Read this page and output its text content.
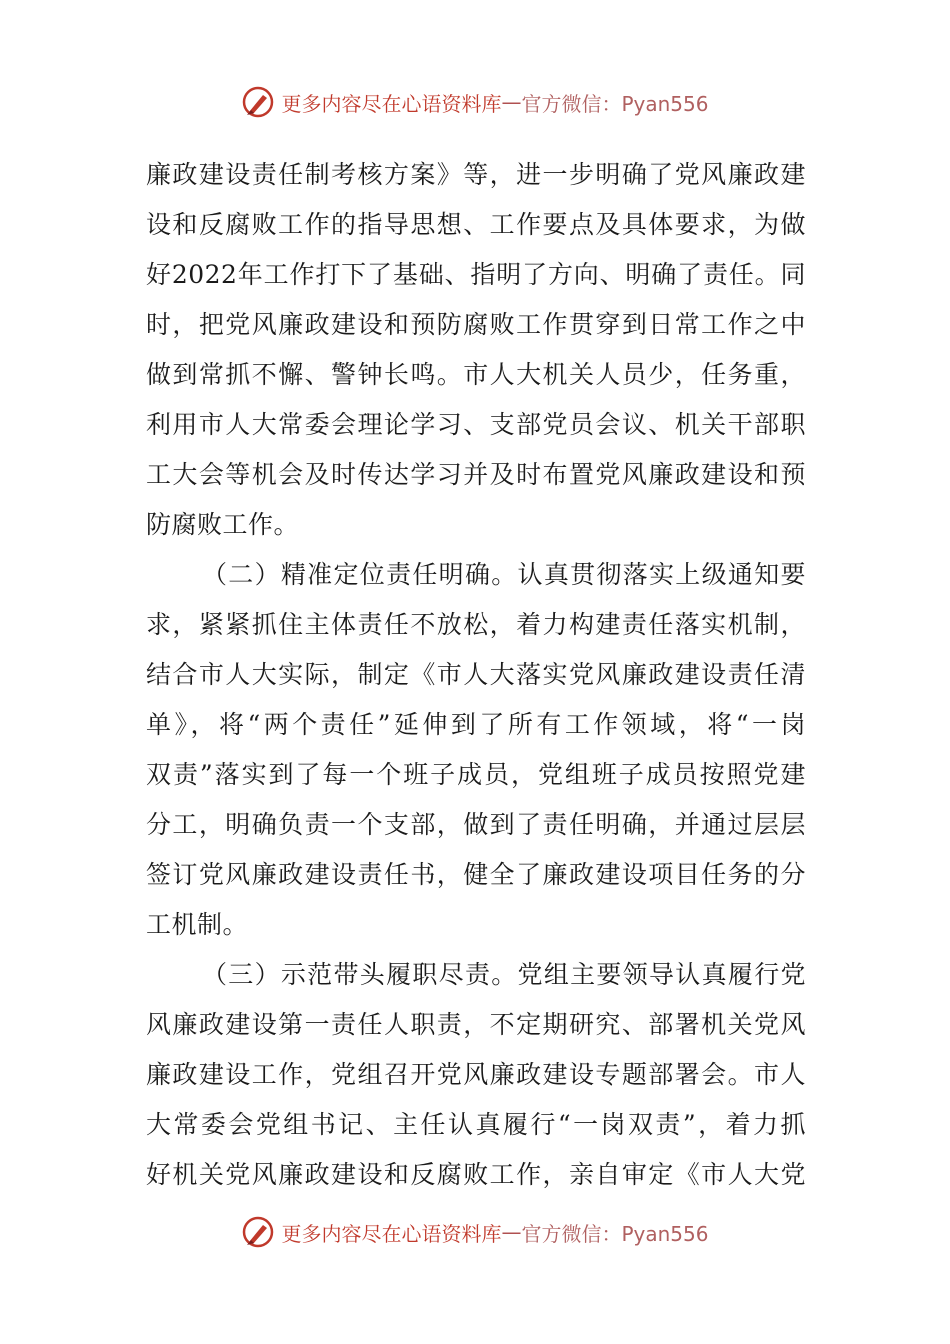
更多内容尽在心语资料库 — 官方微信：Pyan556
廉政建设责任制考核方案》等，进一步明确了党风廉政建
设和反腐败工作的指导思想、工作要点及具体要求，为做
好2022年工作打下了基础、指明了方向、明确了责任。同
时，把党风廉政建设和预防腐败工作贯穿到日常工作之中
做到常抓不懈、警钟长鸣。市人大机关人员少，任务重，
利用市人大常委会理论学习、支部党员会议、机关干部职
工大会等机会及时传达学习并及时布置党风廉政建设和预
防腐败工作。
（二）精准定位责任明确。认真贯彻落实上级通知要
求，紧紧抓住主体责任不放松，着力构建责任落实机制，
结合市人大实际，制定《市人大落实党风廉政建设责任清
单》，将“两个责任”延伸到了所有工作领域，将“一岗
双责”落实到了每一个班子成员，党组班子成员按照党建
分工，明确负责一个支部，做到了责任明确，并通过层层
签订党风廉政建设责任书，健全了廉政建设项目任务的分
工机制。
（三）示范带头履职尽责。党组主要领导认真履行党
风廉政建设第一责任人职责，不定期研究、部署机关党风
廉政建设工作，党组召开党风廉政建设专题部署会。市人
大常委会党组书记、主任认真履行“一岗双责”，着力抓
好机关党风廉政建设和反腐败工作，亲自审定《市人大党
更多内容尽在心语资料库 — 官方微信：Pyan556
